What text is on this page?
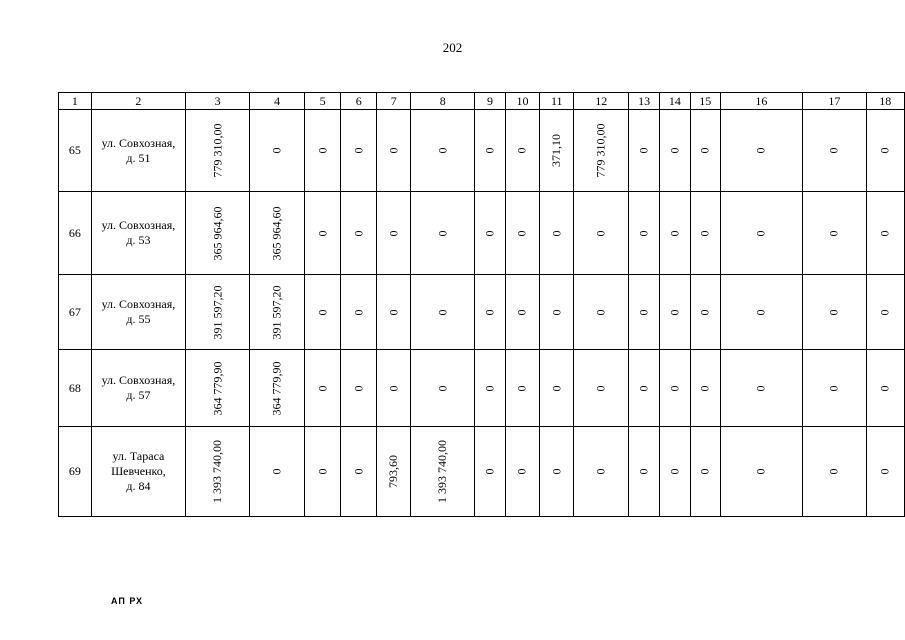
202
1	2	3	4	5	6	7	8	9	10	11	12	13	14	15	16	17	18
65	ул. Совхозная,
д. 51	779 310,00	0	0	0	0	0	0	0	371,10	779 310,00	0	0	0	0	0	0
66	ул. Совхозная,
д. 53	365 964,60	365 964,60	0	0	0	0	0	0	0	0	0	0	0	0	0	0
67	ул. Совхозная,
д. 55	391 597,20	391 597,20	0	0	0	0	0	0	0	0	0	0	0	0	0	0
68	ул. Совхозная,
д. 57	364 779,90	364 779,90	0	0	0	0	0	0	0	0	0	0	0	0	0	0
69	ул. Тараса
Шевченко,
д. 84	1 393 740,00	0	0	0	793,60	1 393 740,00	0	0	0	0	0	0	0	0	0	0
АП РХ
